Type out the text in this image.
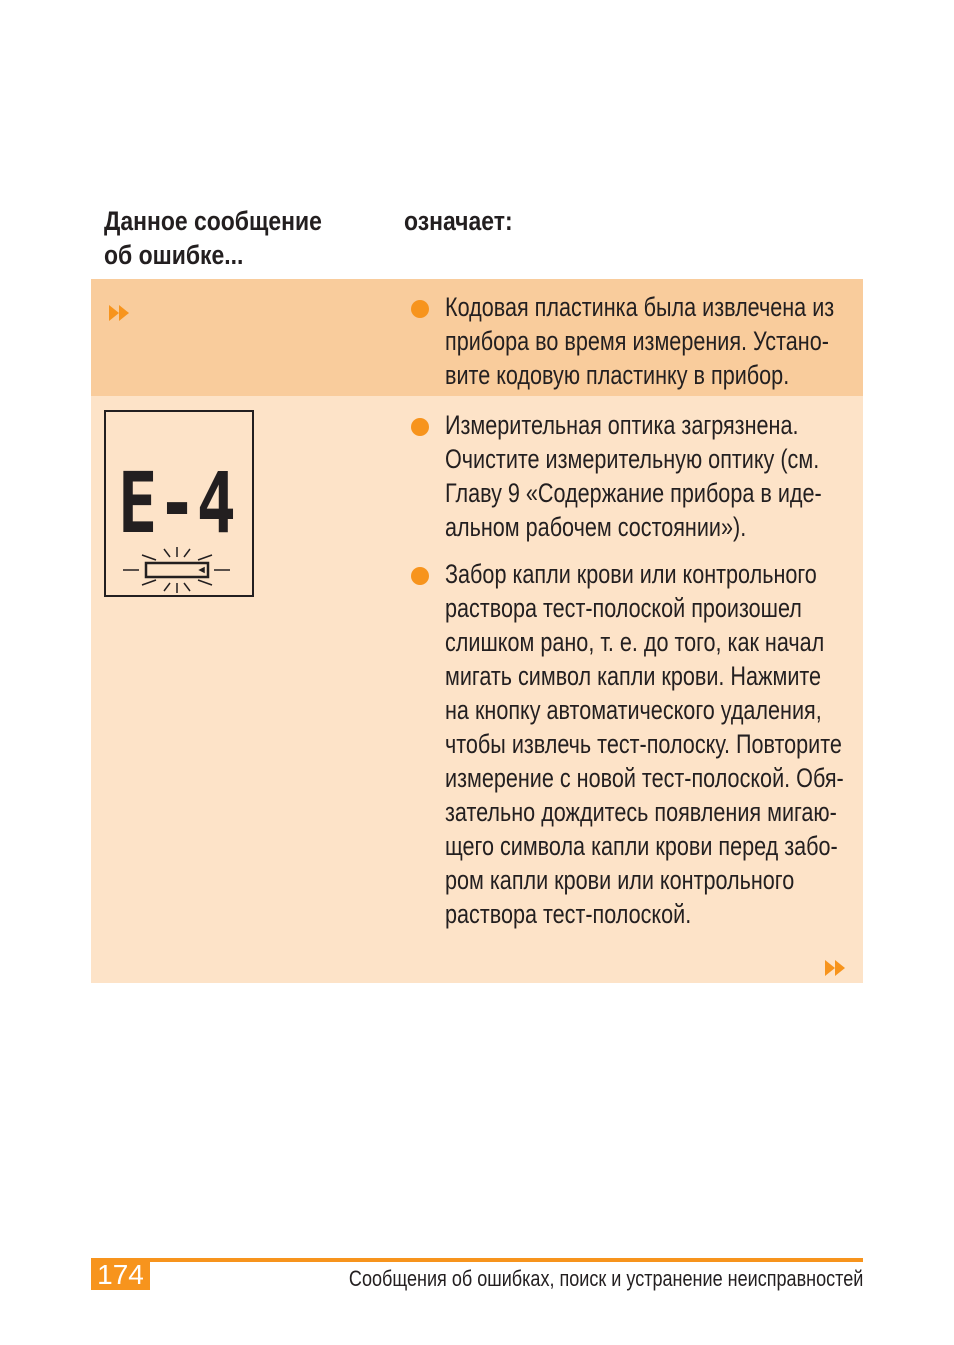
Данное сообщение
об ошибке...
означает:
Кодовая пластинка была извлечена из
прибора во время измерения. Устано-
вите кодовую пластинку в прибор.
E-4
Измерительная оптика загрязнена.
Очистите измерительную оптику (см.
Главу 9 «Содержание прибора в иде-
альном рабочем состоянии»).
Забор капли крови или контрольного
раствора тест-полоской произошел
слишком рано, т. е. до того, как начал
мигать символ капли крови. Нажмите
на кнопку автоматического удаления,
чтобы извлечь тест-полоску. Повторите
измерение с новой тест-полоской. Обя-
зательно дождитесь появления мигаю-
щего символа капли крови перед забо-
ром капли крови или контрольного
раствора тест-полоской.
174	Сообщения об ошибках, поиск и устранение неисправностей
